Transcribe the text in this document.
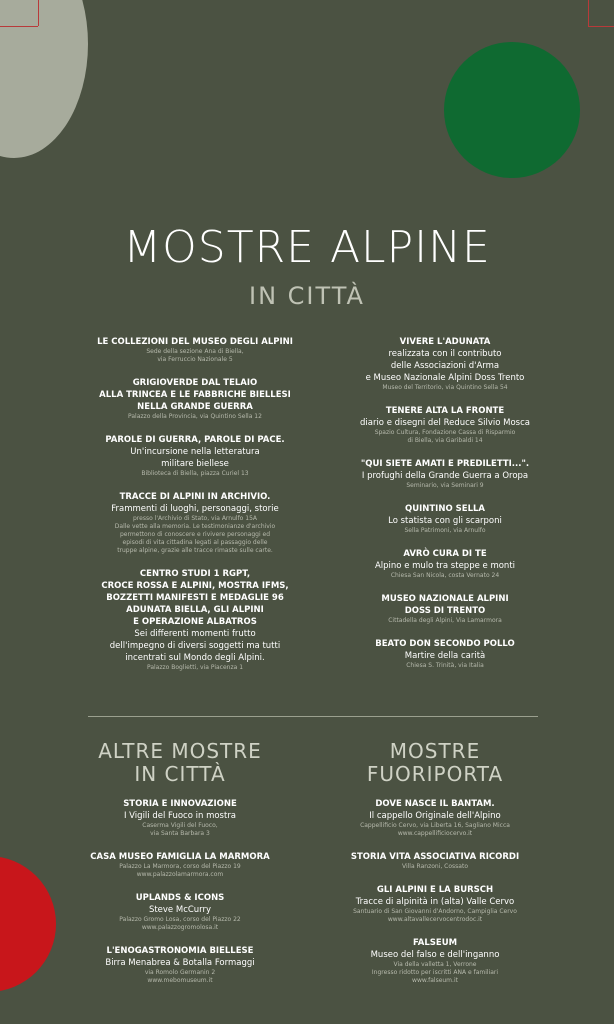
MOSTRE ALPINE
IN CITTÀ
LE COLLEZIONI DEL MUSEO DEGLI ALPINI
Sede della sezione Ana di Biella,
via Ferruccio Nazionale 5
GRIGIOVERDE DAL TELAIO
ALLA TRINCEA E LE FABBRICHE BIELLESI
NELLA GRANDE GUERRA
Palazzo della Provincia, via Quintino Sella 12
PAROLE DI GUERRA, PAROLE DI PACE.
Un'incursione nella letteratura
militare biellese
Biblioteca di Biella, piazza Curiel 13
TRACCE DI ALPINI IN ARCHIVIO.
Frammenti di luoghi, personaggi, storie
presso l'Archivio di Stato, via Arnulfo 15A
Dalle vette alla memoria. Le testimonianze d'archivio
permettono di conoscere e rivivere personaggi ed
episodi di vita cittadina legati al passaggio delle
truppe alpine, grazie alle tracce rimaste sulle carte.
CENTRO STUDI 1 RGPT,
CROCE ROSSA E ALPINI, MOSTRA IFMS,
BOZZETTI MANIFESTI E MEDAGLIE 96
ADUNATA BIELLA, GLI ALPINI
E OPERAZIONE ALBATROS
Sei differenti momenti frutto
dell'impegno di diversi soggetti ma tutti
incentrati sul Mondo degli Alpini.
Palazzo Boglietti, via Piacenza 1
VIVERE L'ADUNATA
realizzata con il contributo
delle Associazioni d'Arma
e Museo Nazionale Alpini Doss Trento
Museo del Territorio, via Quintino Sella 54
TENERE ALTA LA FRONTE
diario e disegni del Reduce Silvio Mosca
Spazio Cultura, Fondazione Cassa di Risparmio
di Biella, via Garibaldi 14
"QUI SIETE AMATI E PREDILETTI...".
I profughi della Grande Guerra a Oropa
Seminario, via Seminari 9
QUINTINO SELLA
Lo statista con gli scarponi
Sella Patrimoni, via Arnulfo
AVRÒ CURA DI TE
Alpino e mulo tra steppe e monti
Chiesa San Nicola, costa Vernato 24
MUSEO NAZIONALE ALPINI
DOSS DI TRENTO
Cittadella degli Alpini, Via Lamarmora
BEATO DON SECONDO POLLO
Martire della carità
Chiesa S. Trinità, via Italia
ALTRE MOSTRE
IN CITTÀ
MOSTRE
FUORIPORTA
STORIA E INNOVAZIONE
I Vigili del Fuoco in mostra
Caserma Vigili del Fuoco,
via Santa Barbara 3
CASA MUSEO FAMIGLIA LA MARMORA
Palazzo La Marmora, corso del Piazzo 19
www.palazzolamarmora.com
UPLANDS & ICONS
Steve McCurry
Palazzo Gromo Losa, corso del Piazzo 22
www.palazzogromolosa.it
L'ENOGASTRONOMIA BIELLESE
Birra Menabrea & Botalla Formaggi
via Romolo Germanin 2
www.mebomuseum.it
DOVE NASCE IL BANTAM.
Il cappello Originale dell'Alpino
Cappellificio Cervo, via Liberta 16, Sagliano Micca
www.cappellificiocervo.it
STORIA VITA ASSOCIATIVA RICORDI
Villa Ranzoni, Cossato
GLI ALPINI E LA BURSCH
Tracce di alpinità in (alta) Valle Cervo
Santuario di San Giovanni d'Andorno, Campiglia Cervo
www.altavallecervocentrodoc.it
FALSEUM
Museo del falso e dell'inganno
Via della valletta 1, Verrone
Ingresso ridotto per iscritti ANA e familiari
www.falseum.it
